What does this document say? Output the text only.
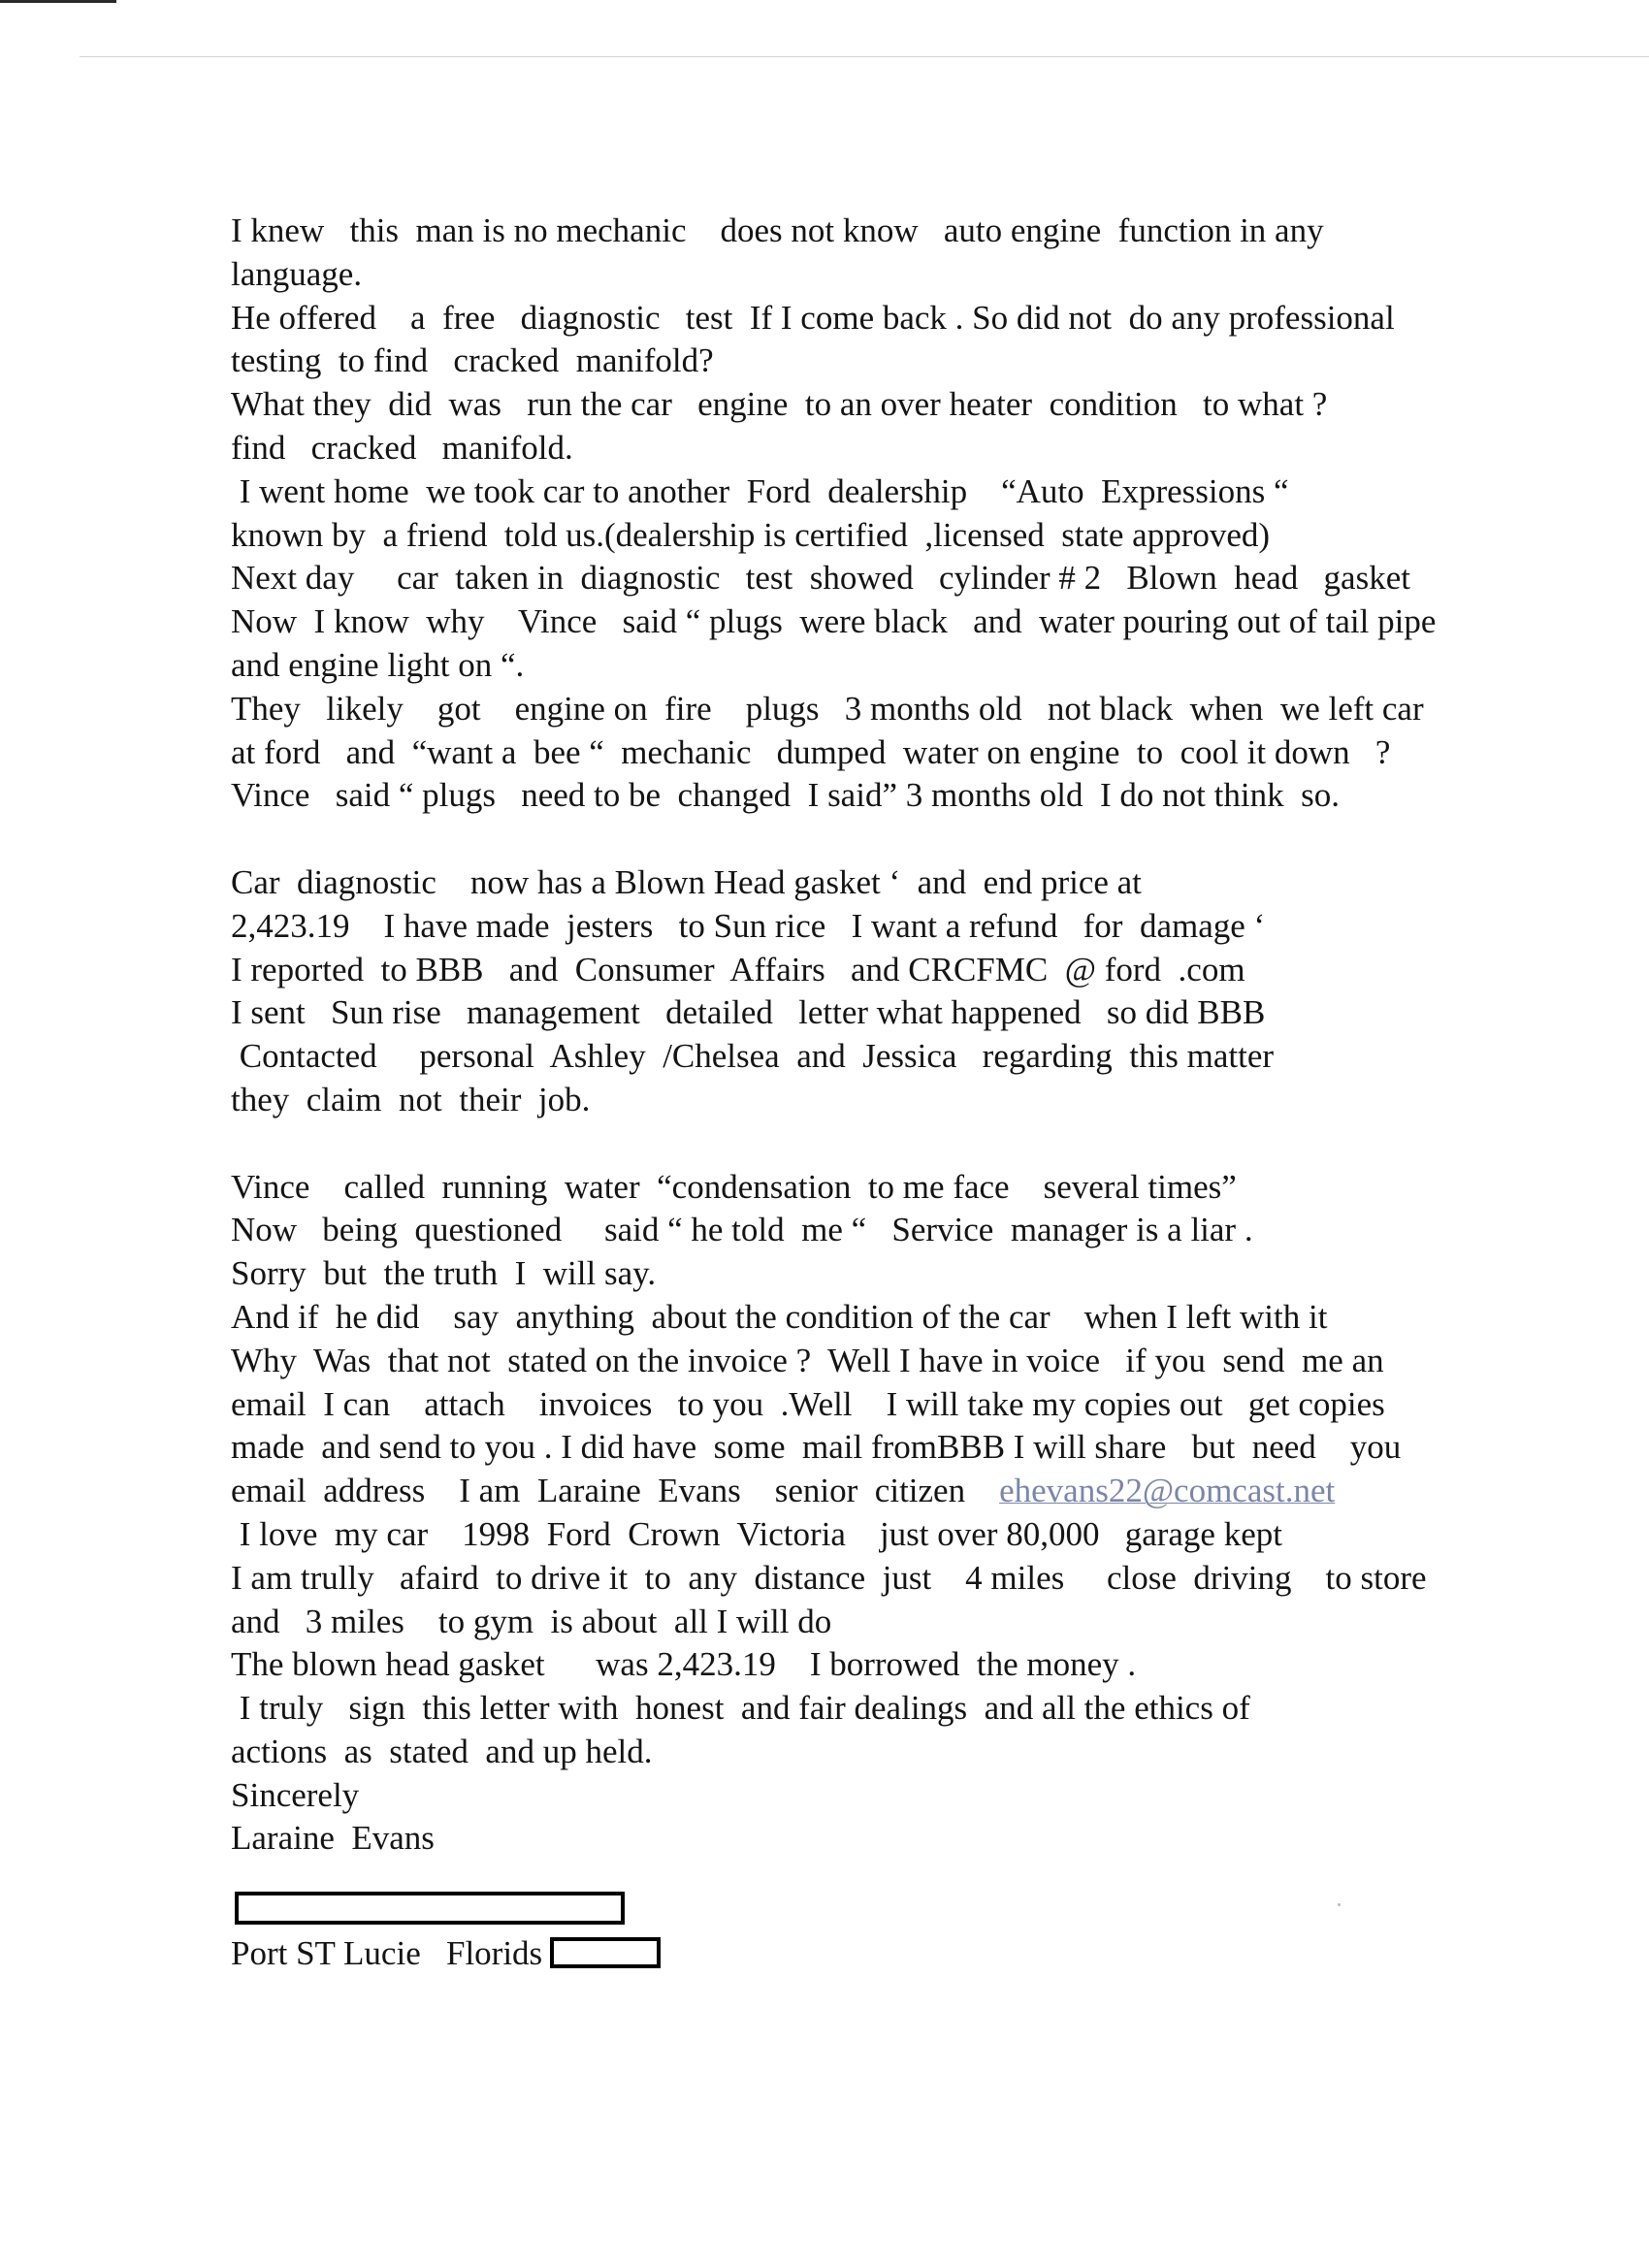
I knew   this  man is no mechanic    does not know   auto engine  function in any
language.
He offered    a  free   diagnostic   test  If I come back . So did not  do any professional
testing  to find   cracked  manifold?
What they  did  was   run the car   engine  to an over heater  condition   to what ?
find   cracked   manifold.
I went home  we took car to another  Ford  dealership    “Auto  Expressions “
known by  a friend  told us.(dealership is certified  ,licensed  state approved)
Next day     car  taken in  diagnostic   test  showed   cylinder # 2   Blown  head   gasket
Now  I know  why    Vince   said “ plugs  were black   and  water pouring out of tail pipe
and engine light on “.
They   likely    got    engine on  fire    plugs   3 months old   not black  when  we left car
at ford   and  “want a  bee “  mechanic   dumped  water on engine  to  cool it down   ?
Vince   said “ plugs   need to be  changed  I said” 3 months old  I do not think  so.
Car  diagnostic    now has a Blown Head gasket ‘  and  end price at
2,423.19    I have made  jesters   to Sun rice   I want a refund   for  damage ‘
I reported  to BBB   and  Consumer  Affairs   and CRCFMC  @ ford  .com
I sent   Sun rise   management   detailed   letter what happened   so did BBB
Contacted     personal  Ashley  /Chelsea  and  Jessica   regarding  this matter
they  claim  not  their  job.
Vince    called  running  water  “condensation  to me face    several times”
Now   being  questioned     said “ he told  me “   Service  manager is a liar .
Sorry  but  the truth  I  will say.
And if  he did    say  anything  about the condition of the car    when I left with it
Why  Was  that not  stated on the invoice ?  Well I have in voice   if you  send  me an
email  I can    attach    invoices   to you  .Well    I will take my copies out   get copies
made  and send to you . I did have  some  mail fromBBB I will share   but  need    you
email  address    I am  Laraine  Evans    senior  citizen    ehevans22@comcast.net
I love  my car    1998  Ford  Crown  Victoria    just over 80,000   garage kept
I am trully   afaird  to drive it  to  any  distance  just    4 miles     close  driving    to store
and   3 miles    to gym  is about  all I will do
The blown head gasket      was 2,423.19    I borrowed  the money .
I truly   sign  this letter with  honest  and fair dealings  and all the ethics of
actions  as  stated  and up held.
Sincerely
Laraine  Evans
Port ST Lucie   Florids
